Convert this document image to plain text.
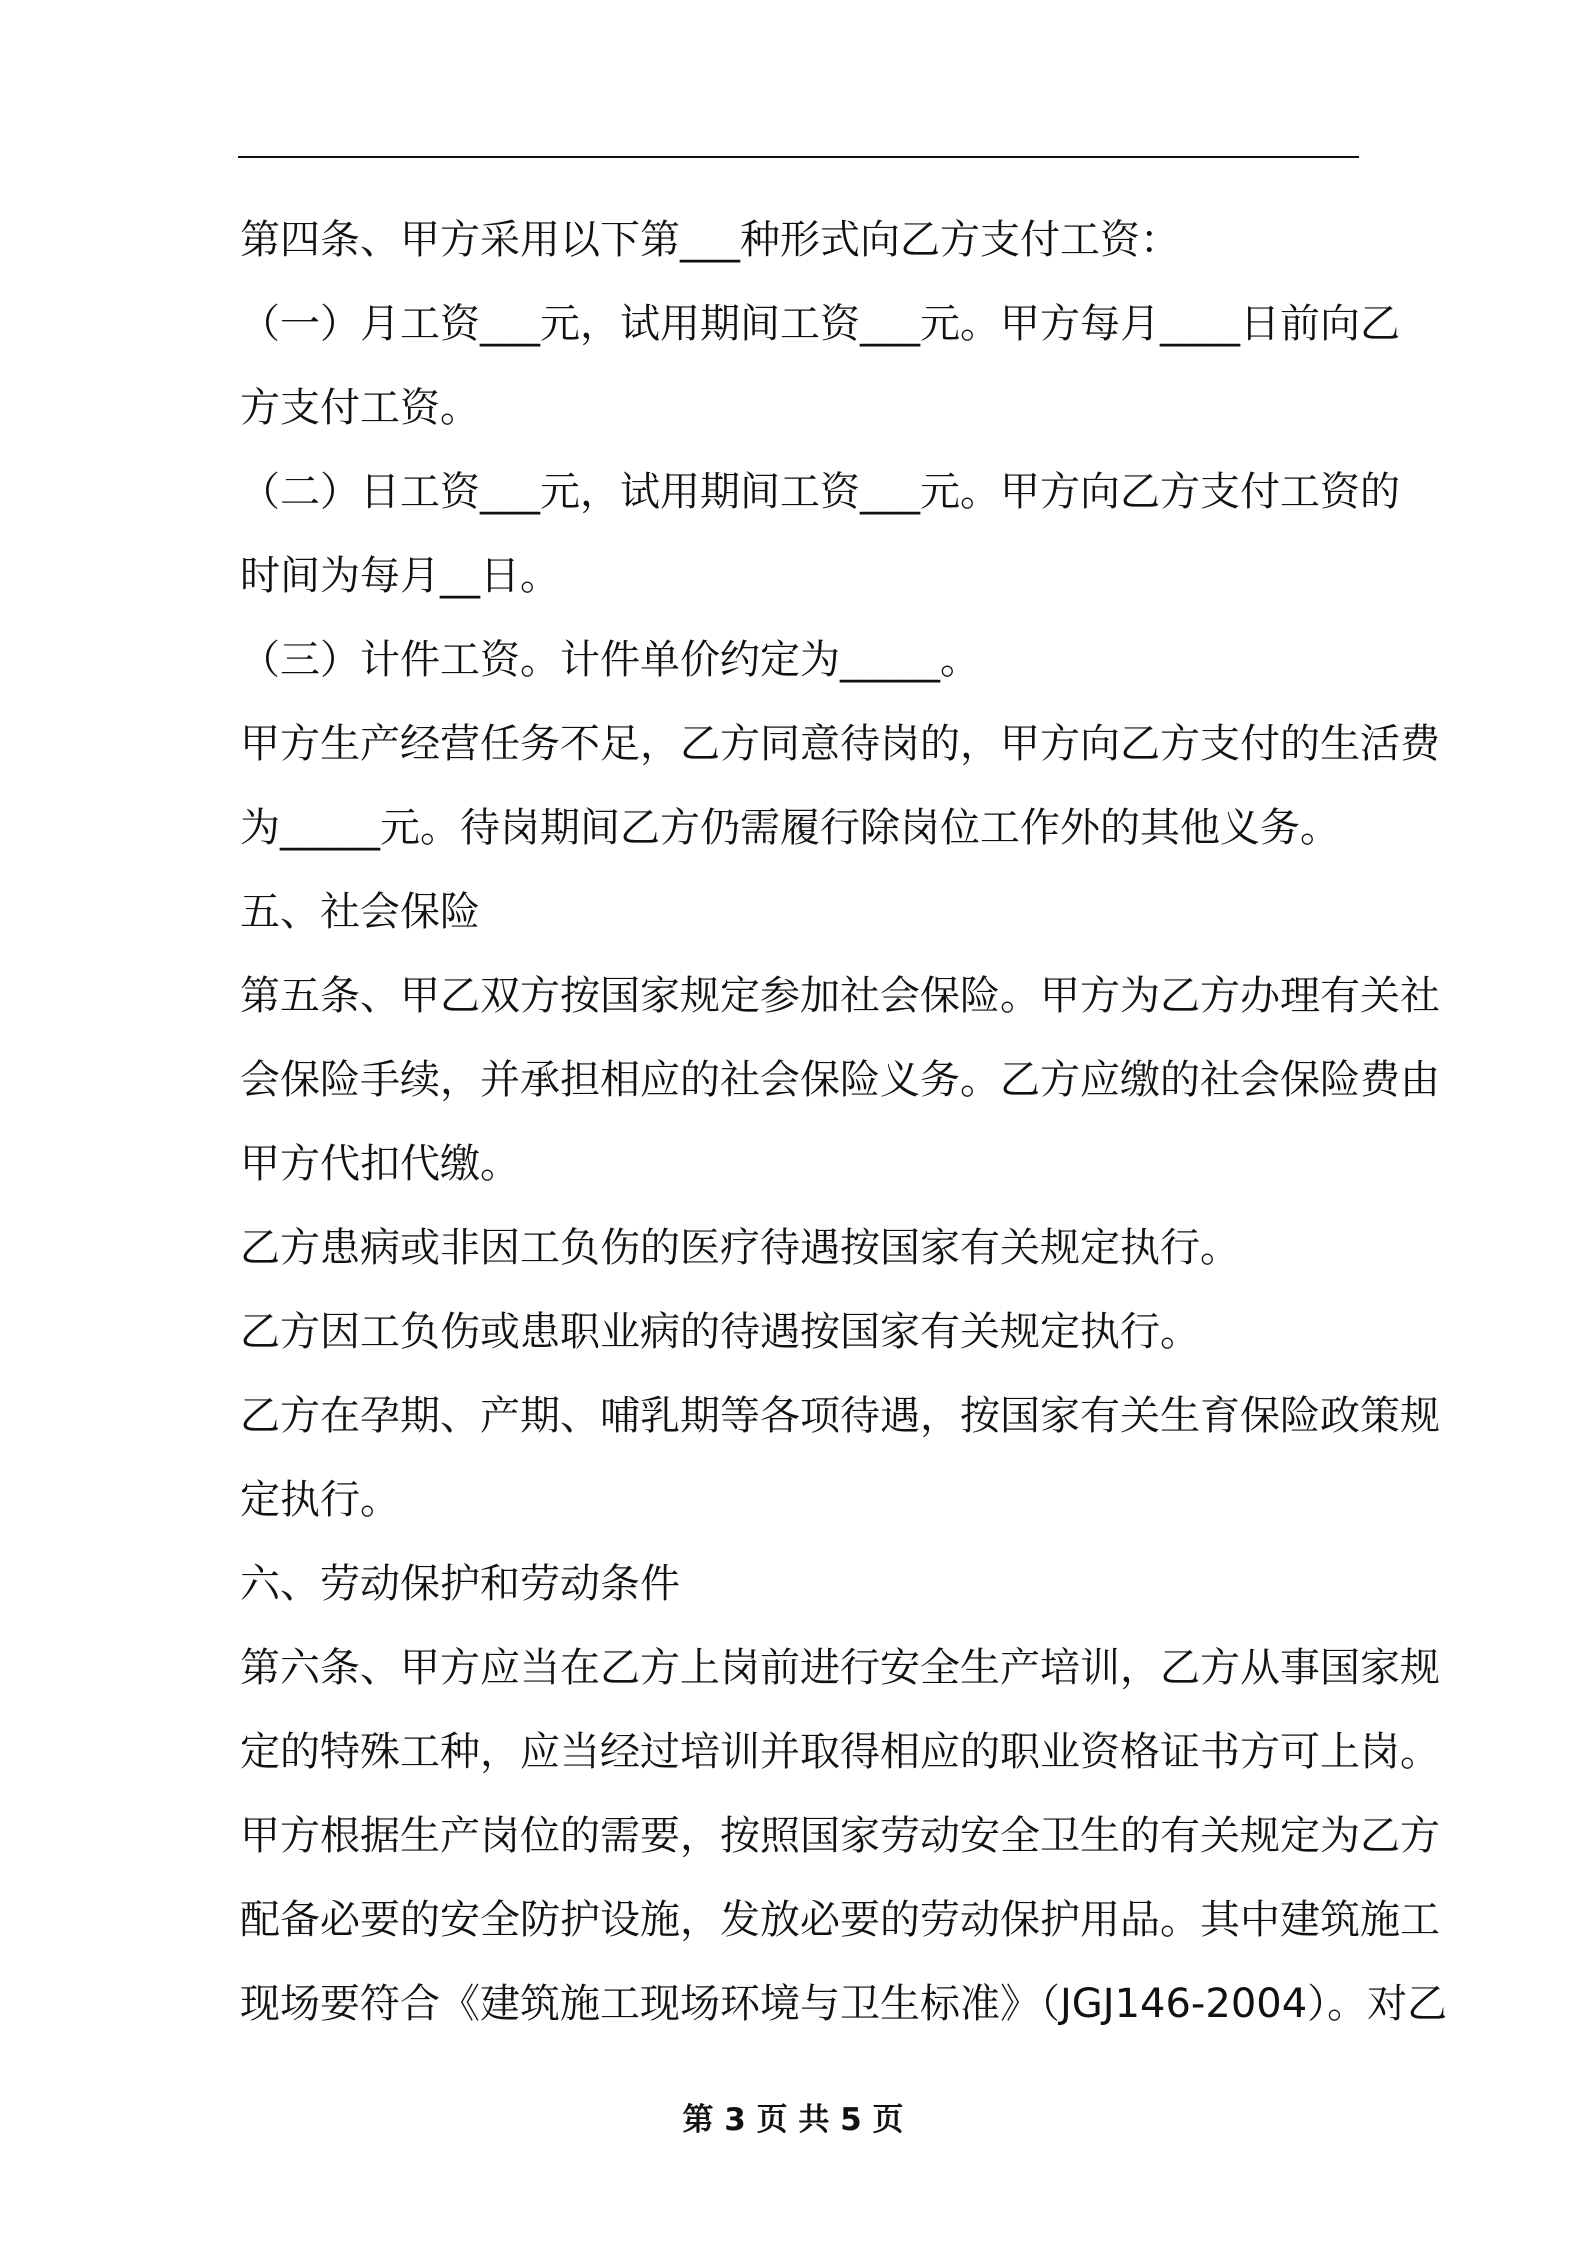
第四条、甲方采用以下第___种形式向乙方支付工资：
（一）月工资___元，试用期间工资___元。甲方每月____日前向乙
方支付工资。
（二）日工资___元，试用期间工资___元。甲方向乙方支付工资的
时间为每月__日。
（三）计件工资。计件单价约定为_____。
甲方生产经营任务不足，乙方同意待岗的，甲方向乙方支付的生活费
为_____元。待岗期间乙方仍需履行除岗位工作外的其他义务。
五、社会保险
第五条、甲乙双方按国家规定参加社会保险。甲方为乙方办理有关社
会保险手续，并承担相应的社会保险义务。乙方应缴的社会保险费由
甲方代扣代缴。
乙方患病或非因工负伤的医疗待遇按国家有关规定执行。
乙方因工负伤或患职业病的待遇按国家有关规定执行。
乙方在孕期、产期、哺乳期等各项待遇，按国家有关生育保险政策规
定执行。
六、劳动保护和劳动条件
第六条、甲方应当在乙方上岗前进行安全生产培训，乙方从事国家规
定的特殊工种，应当经过培训并取得相应的职业资格证书方可上岗。
甲方根据生产岗位的需要，按照国家劳动安全卫生的有关规定为乙方
配备必要的安全防护设施，发放必要的劳动保护用品。其中建筑施工
现场要符合《建筑施工现场环境与卫生标准》（JGJ146-2004）。对乙
第 3 页 共 5 页
